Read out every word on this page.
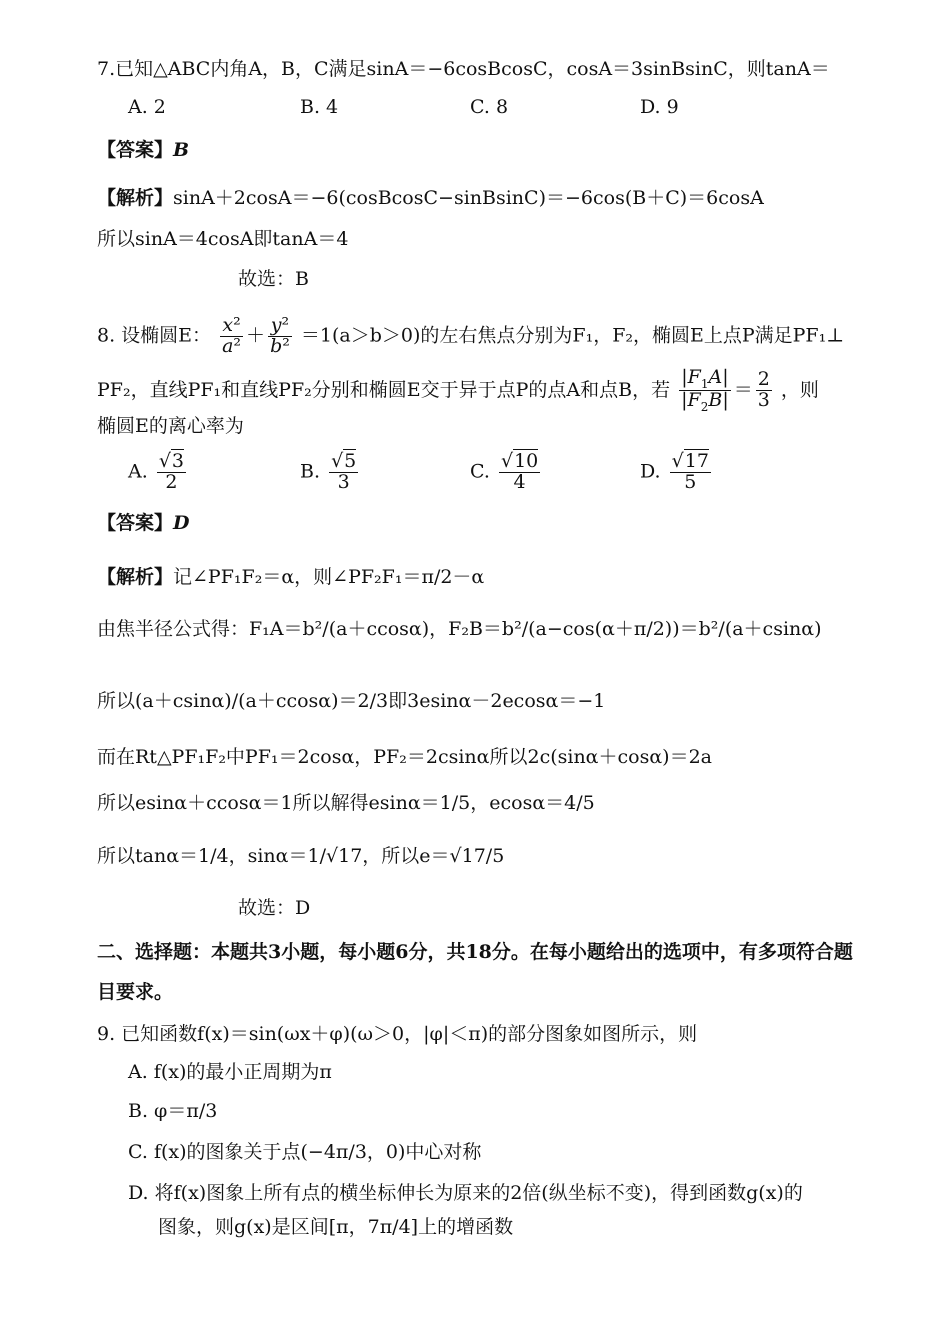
7.已知△ABC内角A，B，C满足sinA＝−6cosBcosC，cosA＝3sinBsinC，则tanA＝
A. 2	B. 4	C. 8	D. 9
【答案】B
【解析】sinA＋2cosA＝−6(cosBcosC−sinBsinC)＝−6cos(B＋C)＝6cosA
所以sinA＝4cosA即tanA＝4
故选：B
8. 设椭圆E： $\frac{\text{x²}}{\text{a²}} + \frac{\text{y²}}{\text{b²}} =1(a>b>0)$的左右焦点分别为F₁，F₂，椭圆E上点P满足PF₁⊥
PF₂，直线PF₁和直线PF₂分别和椭圆E交于异于点P的点A和点B，若 $\frac{|F_1A|}{|F_2B|} = \frac{2}{3}$ ，则
椭圆E的离心率为
A. $\frac{√3}{2}$	B. $\frac{√5}{3}$	C. $\frac{√10}{4}$	D. $\frac{√17}{5}$
【答案】D
【解析】记∠PF₁F₂＝α，则∠PF₂F₁＝π/2－α
由焦半径公式得：F₁A＝b²/(a＋ccosα)，F₂B＝b²/(a−cos(α＋π/2))＝b²/(a＋csinα)
所以(a＋csinα)/(a＋ccosα)＝2/3即3esinα－2ecosα＝−1
而在Rt△PF₁F₂中PF₁＝2cosα，PF₂＝2csinα所以2c(sinα＋cosα)＝2a
所以esinα＋ccosα＝1所以解得esinα＝1/5，ecosα＝4/5
所以tanα＝1/4，sinα＝1/√17，所以e＝√17/5
故选：D
二、选择题：本题共3小题，每小题6分，共18分。在每小题给出的选项中，有多项符合题
目要求。
9. 已知函数f(x)＝sin(ωx＋φ)(ω＞0，|φ|＜π)的部分图象如图所示，则
A. f(x)的最小正周期为π
B. φ＝π/3
C. f(x)的图象关于点(−4π/3，0)中心对称
D. 将f(x)图象上所有点的横坐标伸长为原来的2倍(纵坐标不变)，得到函数g(x)的
图象，则g(x)是区间[π，7π/4]上的增函数
